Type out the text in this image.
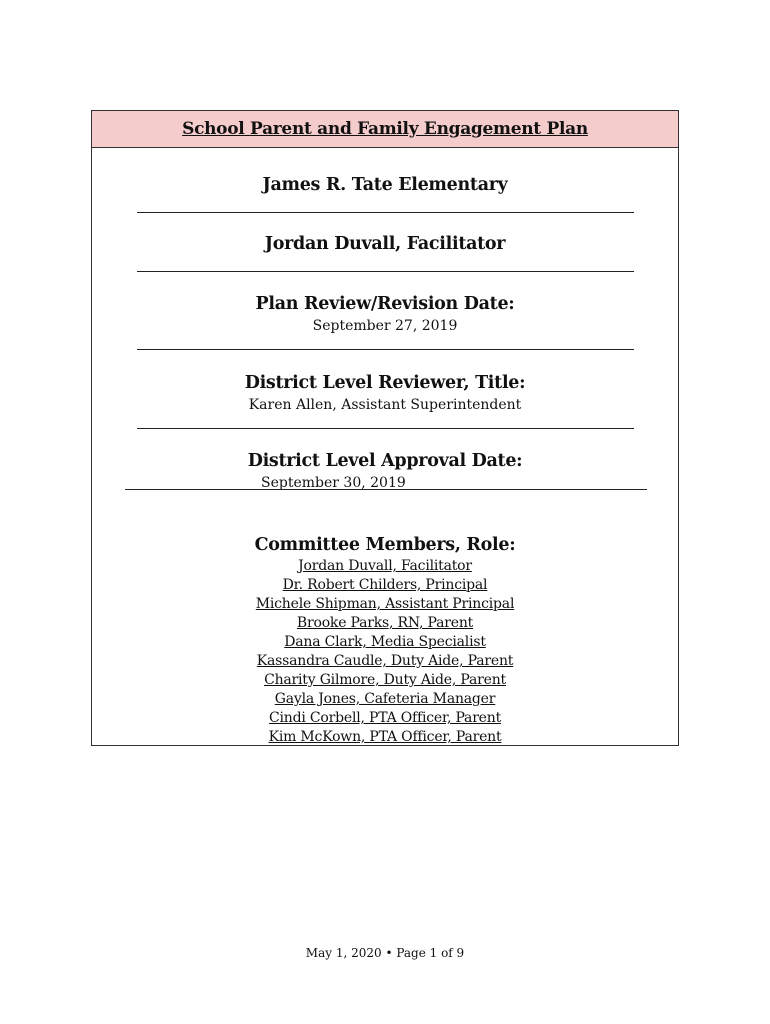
School Parent and Family Engagement Plan
James R. Tate Elementary
Jordan Duvall, Facilitator
Plan Review/Revision Date:
September 27, 2019
District Level Reviewer, Title:
Karen Allen, Assistant Superintendent
District Level Approval Date:
September 30, 2019
Committee Members, Role:
Jordan Duvall, Facilitator
Dr. Robert Childers, Principal
Michele Shipman, Assistant Principal
Brooke Parks, RN, Parent
Dana Clark, Media Specialist
Kassandra Caudle, Duty Aide, Parent
Charity Gilmore, Duty Aide, Parent
Gayla Jones, Cafeteria Manager
Cindi Corbell, PTA Officer, Parent
Kim McKown, PTA Officer, Parent
May 1, 2020 • Page 1 of 9
